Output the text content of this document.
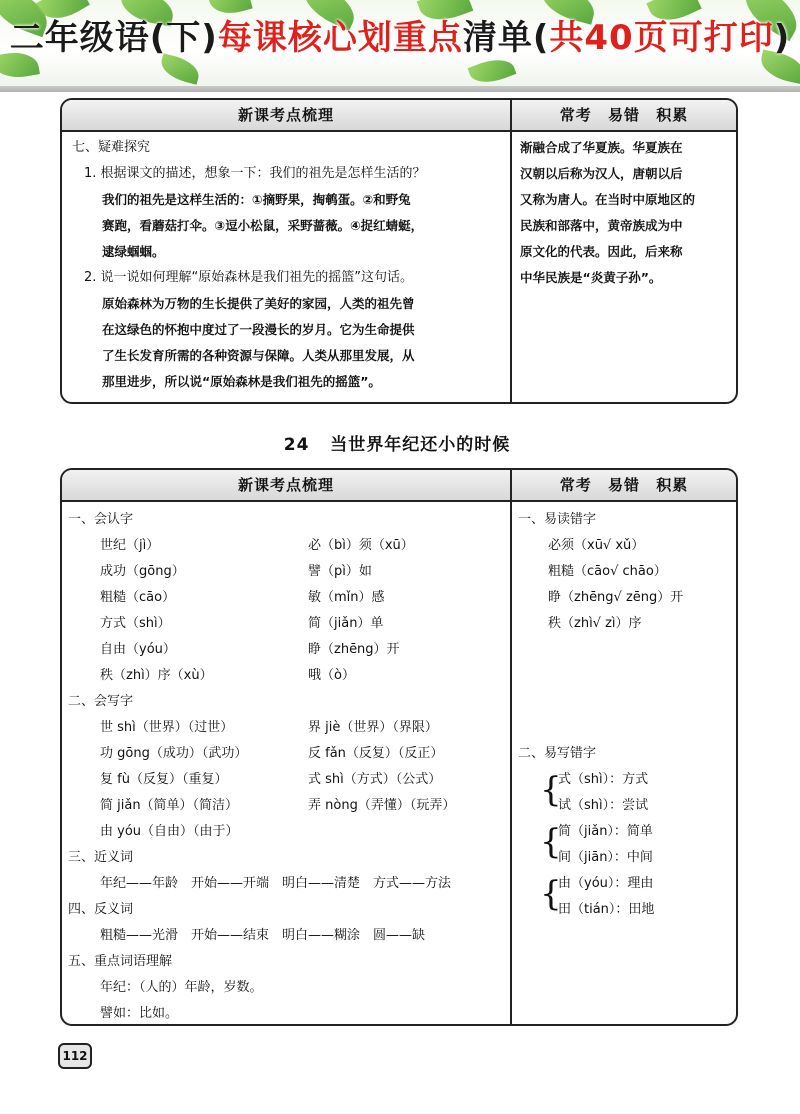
二年级语(下)每课核心划重点清单(共40页可打印)
新课考点梳理	常考 易错 积累
七、疑难探究
1. 根据课文的描述，想象一下：我们的祖先是怎样生活的？
我们的祖先是这样生活的：①摘野果，掏鹌蛋。②和野兔
赛跑，看蘑菇打伞。③逗小松鼠，采野蔷薇。④捉红蜻蜓，
逮绿蝈蝈。
2. 说一说如何理解“原始森林是我们祖先的摇篮”这句话。
原始森林为万物的生长提供了美好的家园，人类的祖先曾
在这绿色的怀抱中度过了一段漫长的岁月。它为生命提供
了生长发育所需的各种资源与保障。人类从那里发展，从
那里进步，所以说“原始森林是我们祖先的摇篮”。
渐融合成了华夏族。华夏族在
汉朝以后称为汉人，唐朝以后
又称为唐人。在当时中原地区的
民族和部落中，黄帝族成为中
原文化的代表。因此，后来称
中华民族是“炎黄子孙”。
24 当世界年纪还小的时候
新课考点梳理	常考 易错 积累
一、会认字
世纪（jì）
成功（gōng）
粗糙（cāo）
方式（shì）
自由（yóu）
秩（zhì）序（xù）
必（bì）须（xū）
譬（pì）如
敏（mǐn）感
简（jiǎn）单
睁（zhēng）开
哦（ò）
二、会写字
世 shì（世界）（过世）
功 gōng（成功）（武功）
复 fù（反复）（重复）
简 jiǎn（简单）（简洁）
由 yóu（自由）（由于）
界 jiè（世界）（界限）
反 fǎn（反复）（反正）
式 shì（方式）（公式）
弄 nòng（弄懂）（玩弄）
三、近义词
年纪——年龄　开始——开端　明白——清楚　方式——方法
四、反义词
粗糙——光滑　开始——结束　明白——糊涂　圆——缺
五、重点词语理解
年纪：（人的）年龄，岁数。
譬如：比如。
一、易读错字
必须（xū√ xǔ）
粗糙（cāo√ chāo）
睁（zhēng√ zēng）开
秩（zhì√ zì）序
二、易写错字
{
式（shì）：方式
试（shì）：尝试
{
简（jiǎn）：简单
间（jiān）：中间
{
由（yóu）：理由
田（tián）：田地
112
